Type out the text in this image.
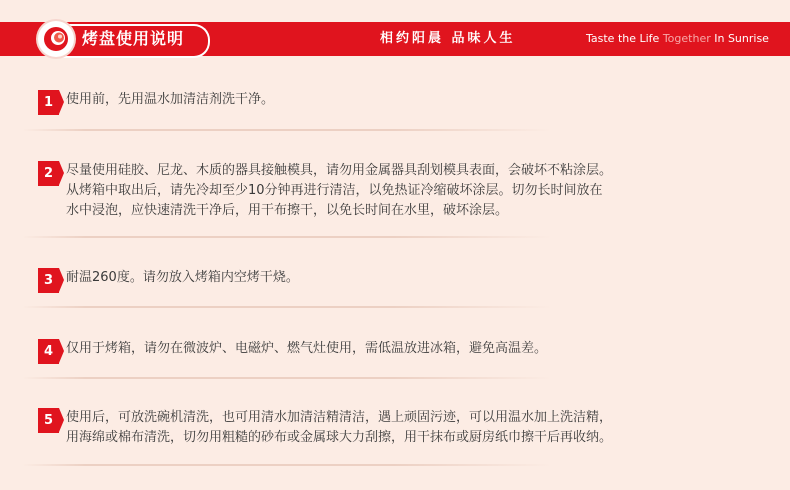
烤盘使用说明	相约阳晨 品味人生	Taste the Life Together In Sunrise
1 使用前，先用温水加清洁剂洗干净。
2 尽量使用硅胶、尼龙、木质的器具接触模具，请勿用金属器具刮划模具表面，会破坏不粘涂层。
从烤箱中取出后，请先冷却至少10分钟再进行清洁，以免热证冷缩破坏涂层。切勿长时间放在
水中浸泡，应快速清洗干净后，用干布擦干，以免长时间在水里，破坏涂层。
3 耐温260度。请勿放入烤箱内空烤干烧。
4 仅用于烤箱，请勿在微波炉、电磁炉、燃气灶使用，需低温放进冰箱，避免高温差。
5 使用后，可放洗碗机清洗，也可用清水加清洁精清洁，遇上顽固污迹，可以用温水加上洗洁精，
用海绵或棉布清洗，切勿用粗糙的砂布或金属球大力刮擦，用干抹布或厨房纸巾擦干后再收纳。
